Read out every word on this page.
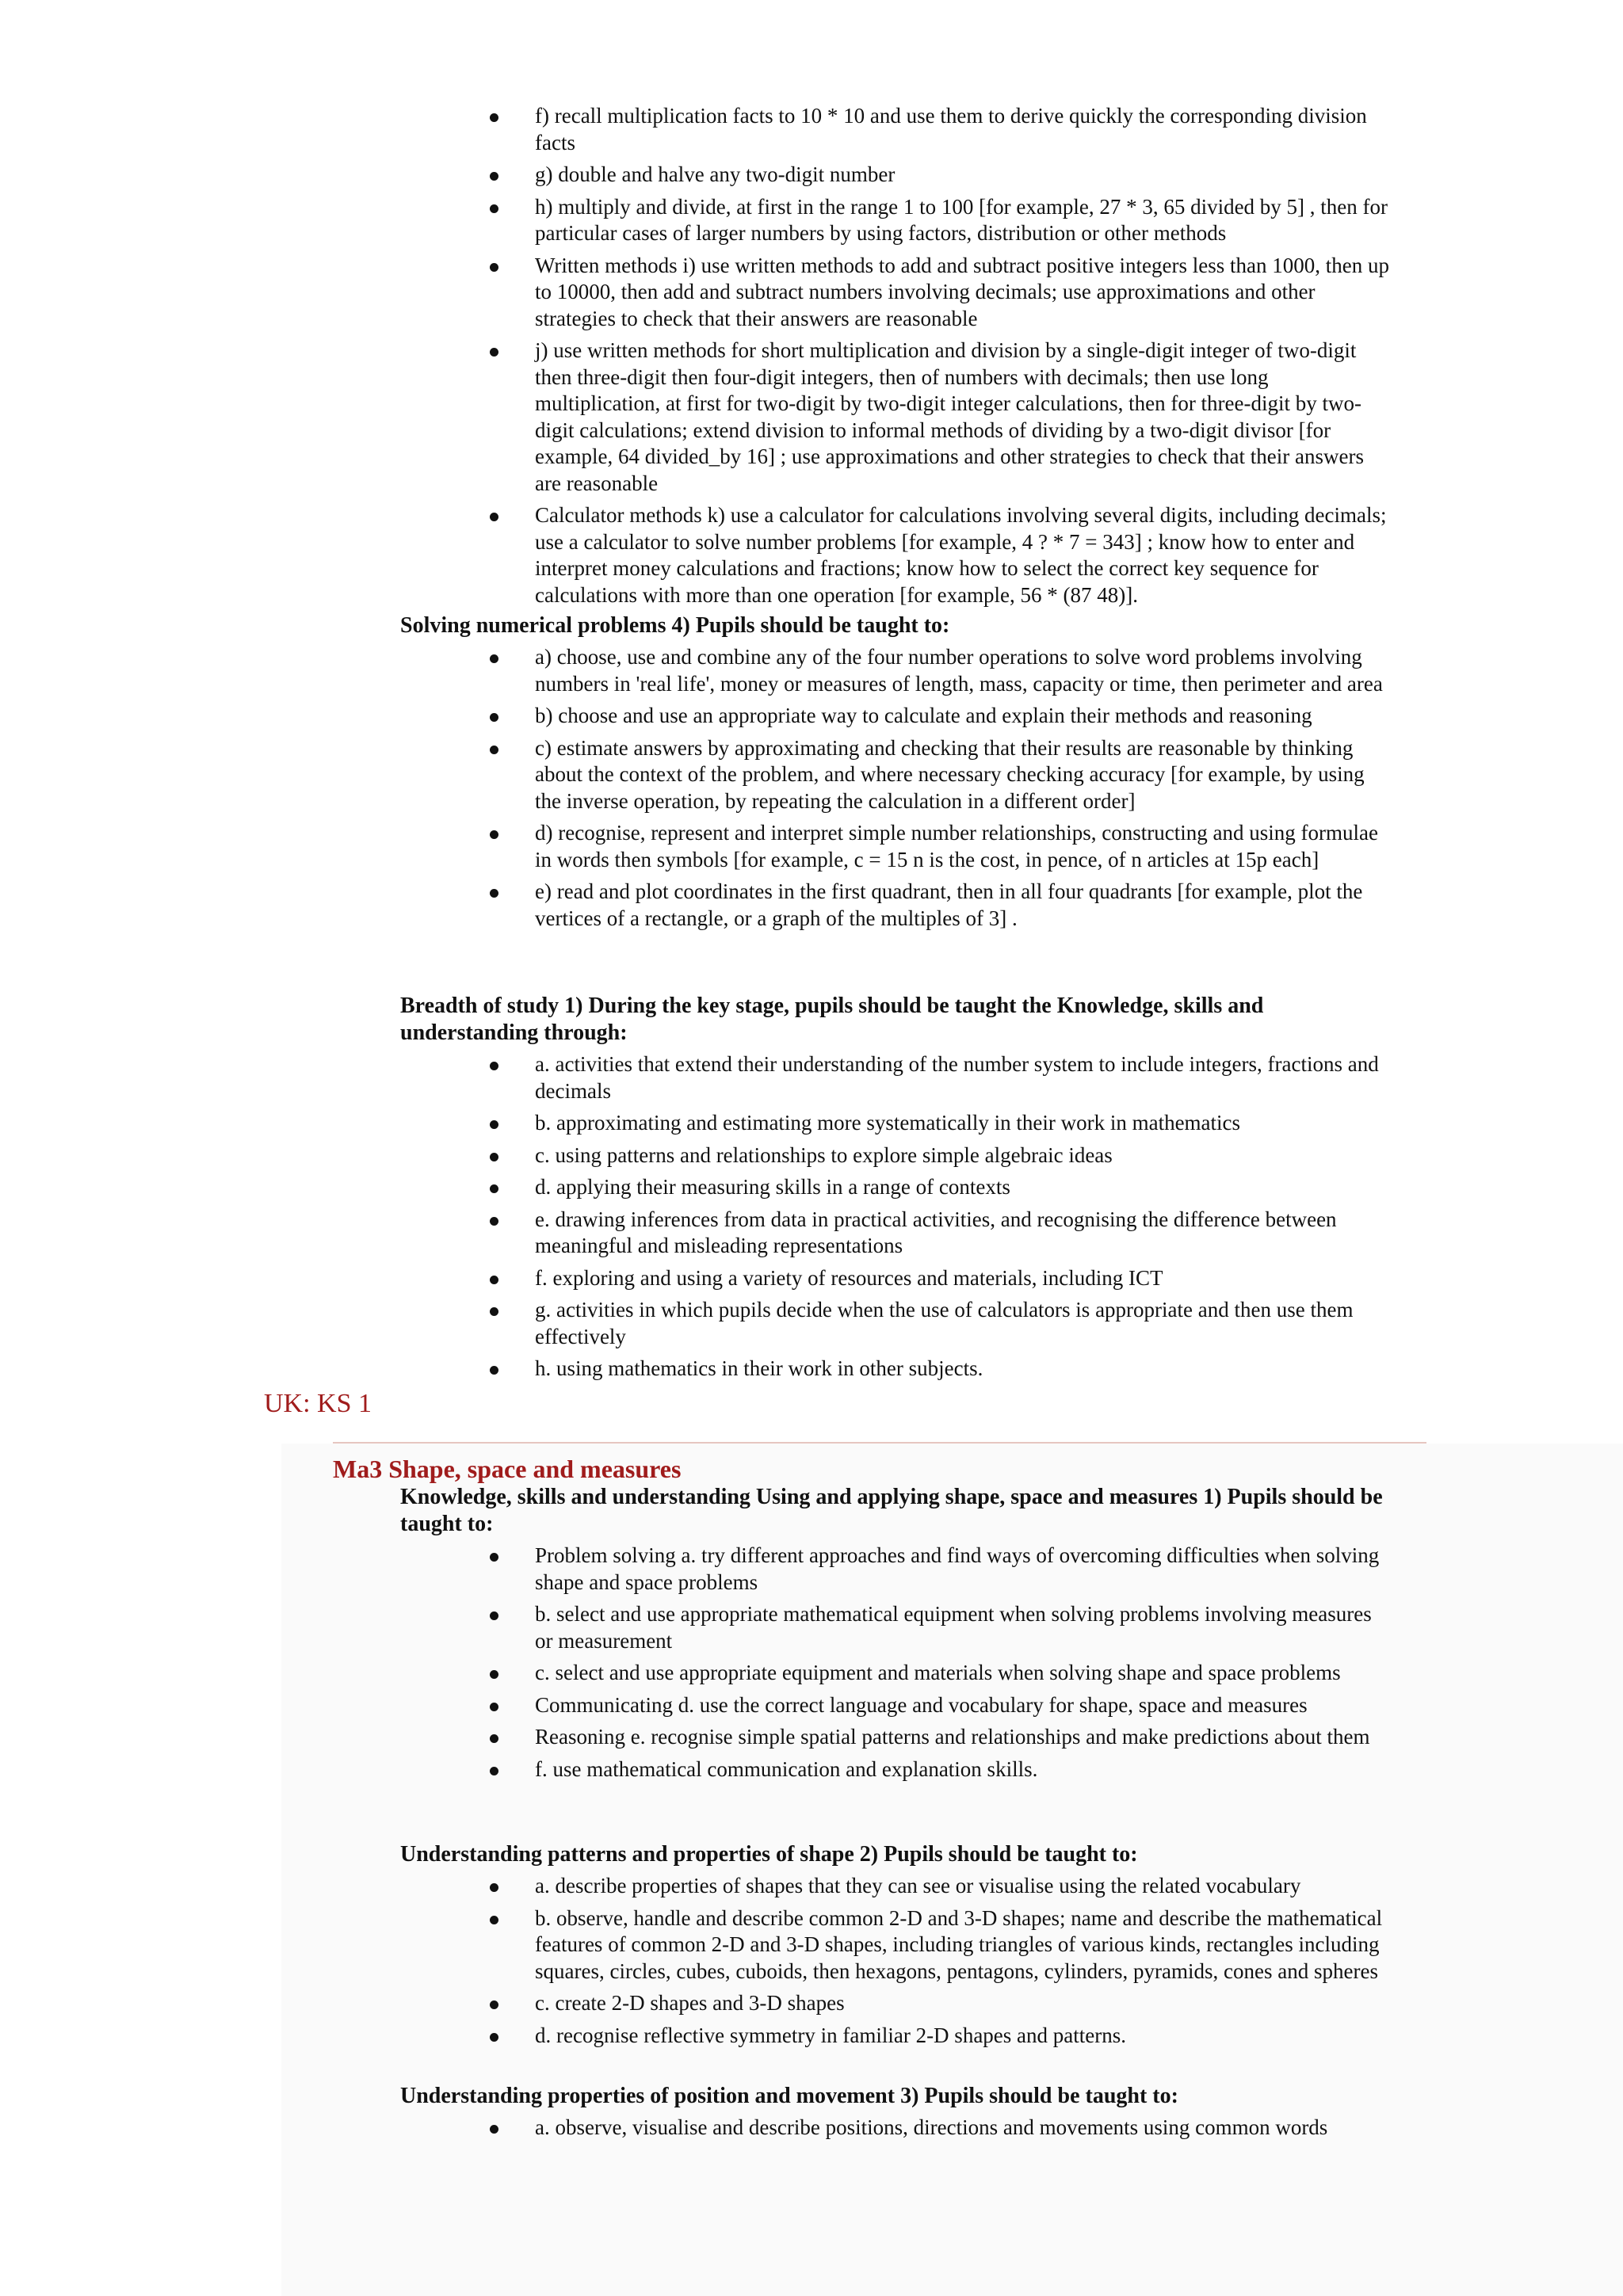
f) recall multiplication facts to 10 * 10 and use them to derive quickly the corresponding division facts
g) double and halve any two-digit number
h) multiply and divide, at first in the range 1 to 100 [for example, 27 * 3, 65 divided by 5] , then for particular cases of larger numbers by using factors, distribution or other methods
Written methods i) use written methods to add and subtract positive integers less than 1000, then up to 10000, then add and subtract numbers involving decimals; use approximations and other strategies to check that their answers are reasonable
j) use written methods for short multiplication and division by a single-digit integer of two-digit then three-digit then four-digit integers, then of numbers with decimals; then use long multiplication, at first for two-digit by two-digit integer calculations, then for three-digit by two-digit calculations; extend division to informal methods of dividing by a two-digit divisor [for example, 64 divided_by 16] ; use approximations and other strategies to check that their answers are reasonable
Calculator methods k) use a calculator for calculations involving several digits, including decimals; use a calculator to solve number problems [for example, 4 ? * 7 = 343] ; know how to enter and interpret money calculations and fractions; know how to select the correct key sequence for calculations with more than one operation [for example, 56 * (87 48)].

Solving numerical problems 4) Pupils should be taught to:

a) choose, use and combine any of the four number operations to solve word problems involving numbers in 'real life', money or measures of length, mass, capacity or time, then perimeter and area
b) choose and use an appropriate way to calculate and explain their methods and reasoning
c) estimate answers by approximating and checking that their results are reasonable by thinking about the context of the problem, and where necessary checking accuracy [for example, by using the inverse operation, by repeating the calculation in a different order]
d) recognise, represent and interpret simple number relationships, constructing and using formulae in words then symbols [for example, c = 15 n is the cost, in pence, of n articles at 15p each]
e) read and plot coordinates in the first quadrant, then in all four quadrants [for example, plot the vertices of a rectangle, or a graph of the multiples of 3] .

Breadth of study 1) During the key stage, pupils should be taught the Knowledge, skills and understanding through:

a. activities that extend their understanding of the number system to include integers, fractions and decimals
b. approximating and estimating more systematically in their work in mathematics
c. using patterns and relationships to explore simple algebraic ideas
d. applying their measuring skills in a range of contexts
e. drawing inferences from data in practical activities, and recognising the difference between meaningful and misleading representations
f. exploring and using a variety of resources and materials, including ICT
g. activities in which pupils decide when the use of calculators is appropriate and then use them effectively
h. using mathematics in their work in other subjects.
UK: KS 1
Ma3 Shape, space and measures

Knowledge, skills and understanding Using and applying shape, space and measures 1) Pupils should be taught to:

Problem solving a. try different approaches and find ways of overcoming difficulties when solving shape and space problems
b. select and use appropriate mathematical equipment when solving problems involving measures or measurement
c. select and use appropriate equipment and materials when solving shape and space problems
Communicating d. use the correct language and vocabulary for shape, space and measures
Reasoning e. recognise simple spatial patterns and relationships and make predictions about them
f. use mathematical communication and explanation skills.

Understanding patterns and properties of shape 2) Pupils should be taught to:

a. describe properties of shapes that they can see or visualise using the related vocabulary
b. observe, handle and describe common 2-D and 3-D shapes; name and describe the mathematical features of common 2-D and 3-D shapes, including triangles of various kinds, rectangles including squares, circles, cubes, cuboids, then hexagons, pentagons, cylinders, pyramids, cones and spheres
c. create 2-D shapes and 3-D shapes
d. recognise reflective symmetry in familiar 2-D shapes and patterns.

Understanding properties of position and movement 3) Pupils should be taught to:

a. observe, visualise and describe positions, directions and movements using common words
